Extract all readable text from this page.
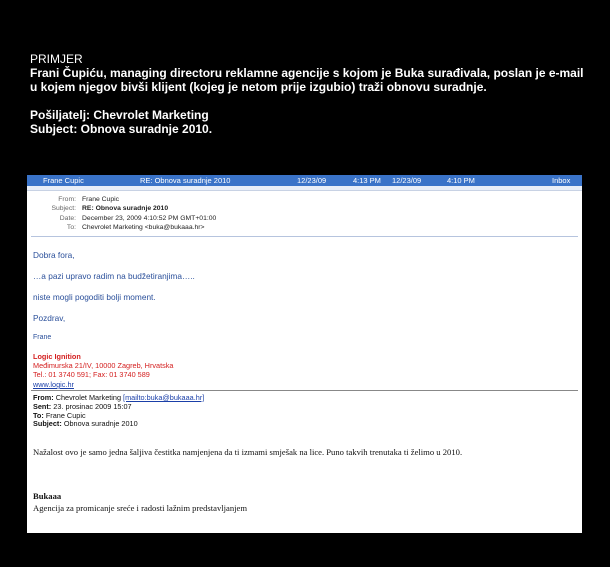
PRIMJER
Frani Čupiću, managing directoru reklamne agencije s kojom je Buka surađivala, poslan je e-mail
u kojem njegov bivši klijent (kojeg je netom prije izgubio) traži obnovu suradnje.
Pošiljatelj: Chevrolet Marketing
Subject: Obnova suradnje 2010.
Frane Cupic	RE: Obnova suradnje 2010	12/23/09	4:13 PM 12/23/09	4:10 PM	Inbox
From: Frane Cupic
Subject: RE: Obnova suradnje 2010
Date: December 23, 2009 4:10:52 PM GMT+01:00
To: Chevrolet Marketing <buka@bukaaa.hr>
Dobra fora,
…a pazi upravo radim na budžetiranjima…..
niste mogli pogoditi bolji moment.
Pozdrav,
Frane
Logic Ignition
Međimurska 21/IV, 10000 Zagreb, Hrvatska
Tel.: 01 3740 591; Fax: 01 3740 589
www.logic.hr
From: Chevrolet Marketing [mailto:buka@bukaaa.hr]
Sent: 23. prosinac 2009 15:07
To: Frane Cupic
Subject: Obnova suradnje 2010
Nažalost ovo je samo jedna šaljiva čestitka namjenjena da ti izmami smješak na lice. Puno takvih trenutaka ti želimo u 2010.
Bukaaa
Agencija za promicanje sreće i radosti lažnim predstavljanjem
